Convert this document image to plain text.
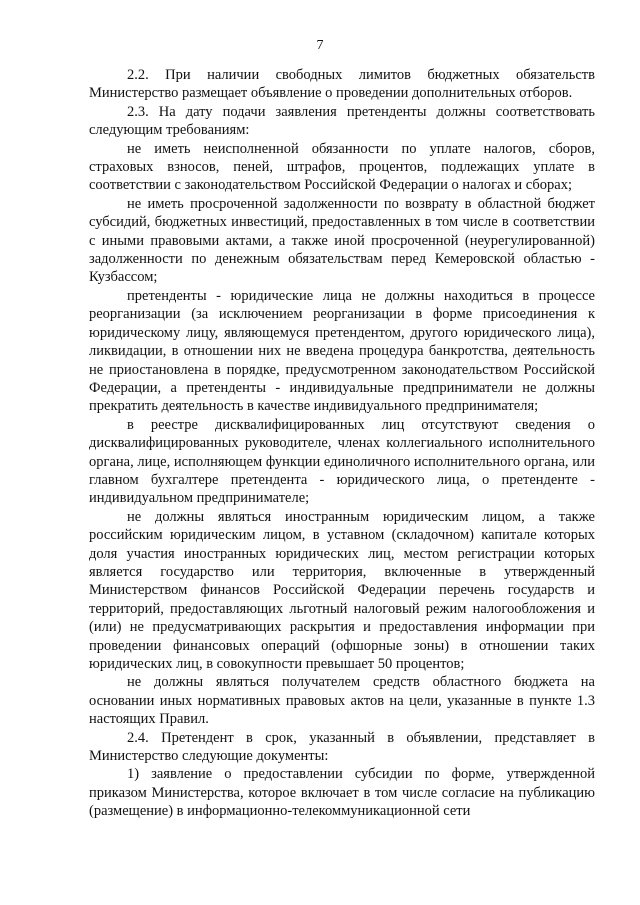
7

2.2. При наличии свободных лимитов бюджетных обязательств Министерство размещает объявление о проведении дополнительных отборов.

2.3. На дату подачи заявления претенденты должны соответствовать следующим требованиям:

не иметь неисполненной обязанности по уплате налогов, сборов, страховых взносов, пеней, штрафов, процентов, подлежащих уплате в соответствии с законодательством Российской Федерации о налогах и сборах;

не иметь просроченной задолженности по возврату в областной бюджет субсидий, бюджетных инвестиций, предоставленных в том числе в соответствии с иными правовыми актами, а также иной просроченной (неурегулированной) задолженности по денежным обязательствам перед Кемеровской областью - Кузбассом;

претенденты - юридические лица не должны находиться в процессе реорганизации (за исключением реорганизации в форме присоединения к юридическому лицу, являющемуся претендентом, другого юридического лица), ликвидации, в отношении них не введена процедура банкротства, деятельность не приостановлена в порядке, предусмотренном законодательством Российской Федерации, а претенденты - индивидуальные предприниматели не должны прекратить деятельность в качестве индивидуального предпринимателя;

в реестре дисквалифицированных лиц отсутствуют сведения о дисквалифицированных руководителе, членах коллегиального исполнительного органа, лице, исполняющем функции единоличного исполнительного органа, или главном бухгалтере претендента - юридического лица, о претенденте - индивидуальном предпринимателе;

не должны являться иностранным юридическим лицом, а также российским юридическим лицом, в уставном (складочном) капитале которых доля участия иностранных юридических лиц, местом регистрации которых является государство или территория, включенные в утвержденный Министерством финансов Российской Федерации перечень государств и территорий, предоставляющих льготный налоговый режим налогообложения и (или) не предусматривающих раскрытия и предоставления информации при проведении финансовых операций (офшорные зоны) в отношении таких юридических лиц, в совокупности превышает 50 процентов;

не должны являться получателем средств областного бюджета на основании иных нормативных правовых актов на цели, указанные в пункте 1.3 настоящих Правил.

2.4. Претендент в срок, указанный в объявлении, представляет в Министерство следующие документы:

1) заявление о предоставлении субсидии по форме, утвержденной приказом Министерства, которое включает в том числе согласие на публикацию (размещение) в информационно-телекоммуникационной сети
